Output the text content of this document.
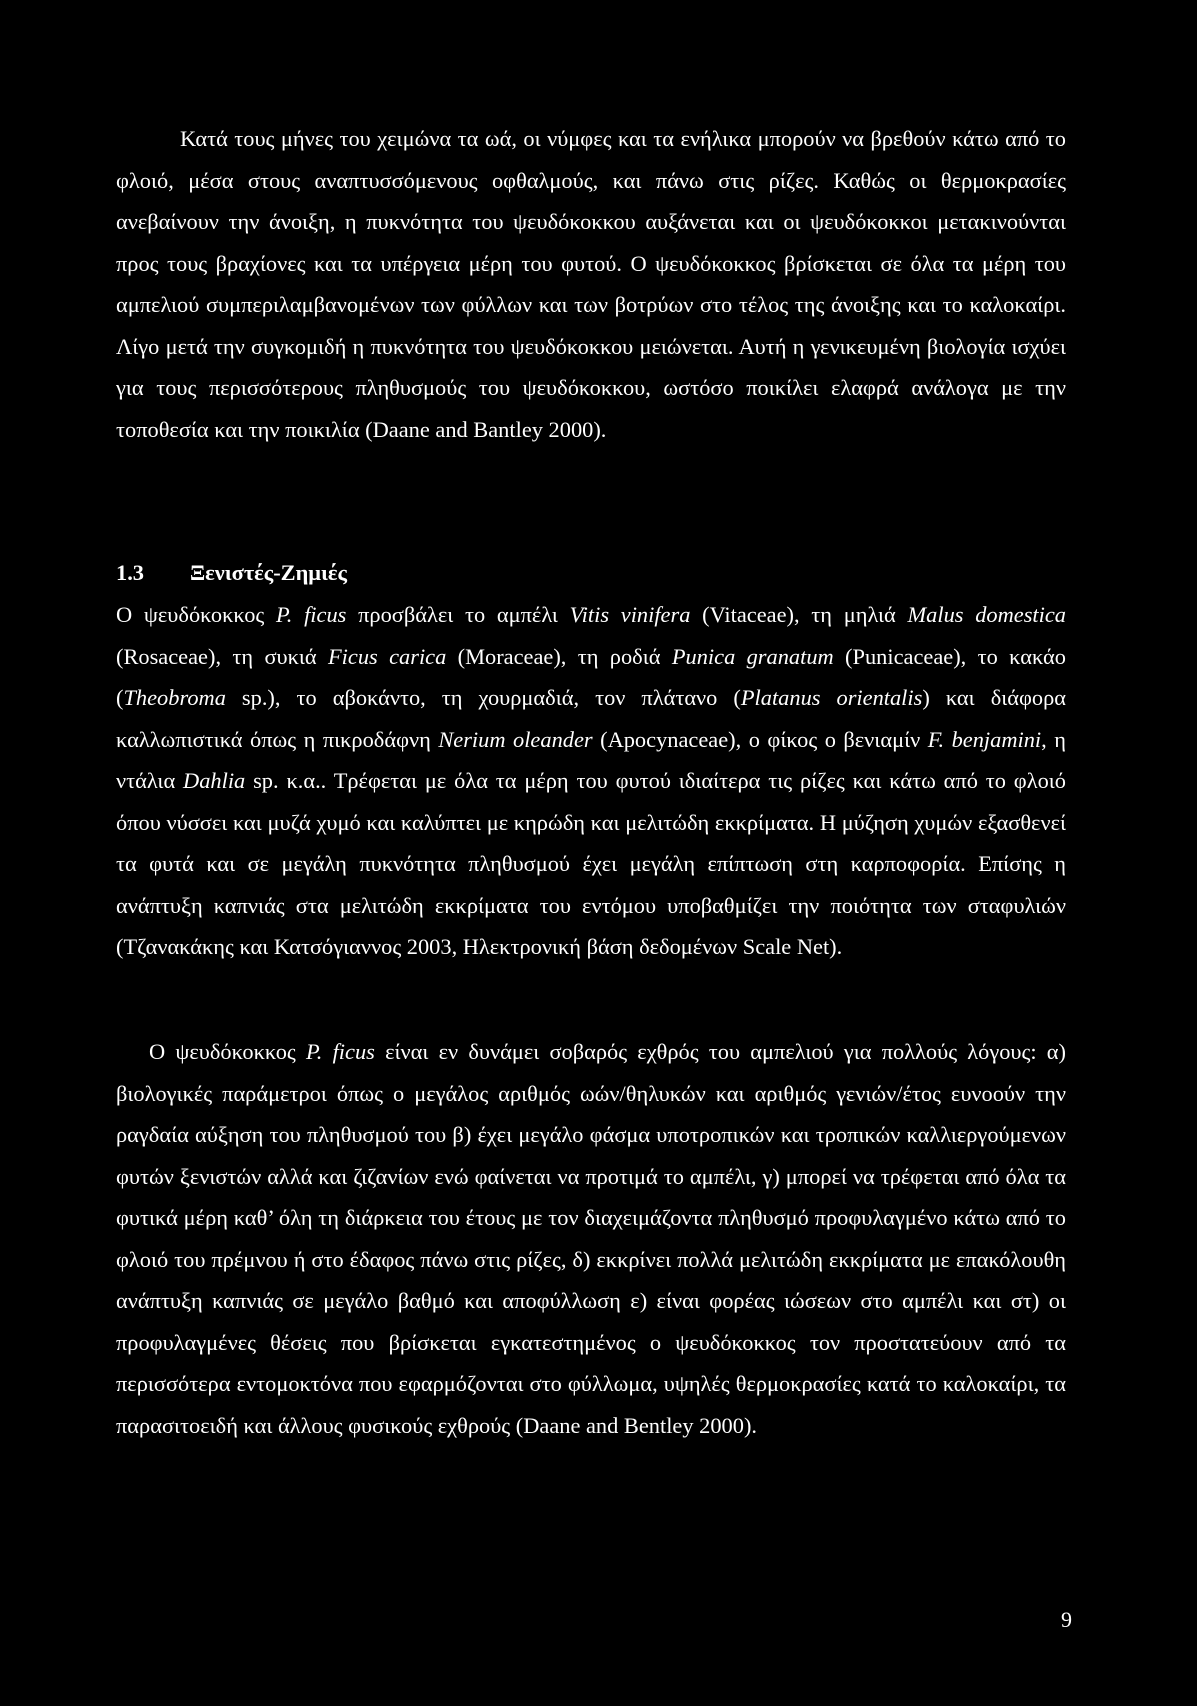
Κατά τους μήνες του χειμώνα τα ωά, οι νύμφες και τα ενήλικα μπορούν να βρεθούν κάτω από το φλοιό, μέσα στους αναπτυσσόμενους οφθαλμούς, και πάνω στις ρίζες. Καθώς οι θερμοκρασίες ανεβαίνουν την άνοιξη, η πυκνότητα του ψευδόκοκκου αυξάνεται και οι ψευδόκοκκοι μετακινούνται προς τους βραχίονες και τα υπέργεια μέρη του φυτού. Ο ψευδόκοκκος βρίσκεται σε όλα τα μέρη του αμπελιού συμπεριλαμβανομένων των φύλλων και των βοτρύων στο τέλος της άνοιξης και το καλοκαίρι. Λίγο μετά την συγκομιδή η πυκνότητα του ψευδόκοκκου μειώνεται. Αυτή η γενικευμένη βιολογία ισχύει για τους περισσότερους πληθυσμούς του ψευδόκοκκου, ωστόσο ποικίλει ελαφρά ανάλογα με την τοποθεσία και την ποικιλία (Daane and Bantley 2000).

1.3 Ξενιστές-Ζημιές

Ο ψευδόκοκκος P. ficus προσβάλει το αμπέλι Vitis vinifera (Vitaceae), τη μηλιά Malus domestica (Rosaceae), τη συκιά Ficus carica (Moraceae), τη ροδιά Punica granatum (Punicaceae), το κακάο (Theobroma sp.), το αβοκάντο, τη χουρμαδιά, τον πλάτανο (Platanus orientalis) και διάφορα καλλωπιστικά όπως η πικροδάφνη Nerium oleander (Apocynaceae), ο φίκος ο βενιαμίν F. benjamini, η ντάλια Dahlia sp. κ.α.. Τρέφεται με όλα τα μέρη του φυτού ιδιαίτερα τις ρίζες και κάτω από το φλοιό όπου νύσσει και μυζά χυμό και καλύπτει με κηρώδη και μελιτώδη εκκρίματα. Η μύζηση χυμών εξασθενεί τα φυτά και σε μεγάλη πυκνότητα πληθυσμού έχει μεγάλη επίπτωση στη καρποφορία. Επίσης η ανάπτυξη καπνιάς στα μελιτώδη εκκρίματα του εντόμου υποβαθμίζει την ποιότητα των σταφυλιών (Τζανακάκης και Κατσόγιαννος 2003, Ηλεκτρονική βάση δεδομένων Scale Net).

Ο ψευδόκοκκος P. ficus είναι εν δυνάμει σοβαρός εχθρός του αμπελιού για πολλούς λόγους: α) βιολογικές παράμετροι όπως ο μεγάλος αριθμός ωών/θηλυκών και αριθμός γενιών/έτος ευνοούν την ραγδαία αύξηση του πληθυσμού του β) έχει μεγάλο φάσμα υποτροπικών και τροπικών καλλιεργούμενων φυτών ξενιστών αλλά και ζιζανίων ενώ φαίνεται να προτιμά το αμπέλι, γ) μπορεί να τρέφεται από όλα τα φυτικά μέρη καθ’ όλη τη διάρκεια του έτους με τον διαχειμάζοντα πληθυσμό προφυλαγμένο κάτω από το φλοιό του πρέμνου ή στο έδαφος πάνω στις ρίζες, δ) εκκρίνει πολλά μελιτώδη εκκρίματα με επακόλουθη ανάπτυξη καπνιάς σε μεγάλο βαθμό και αποφύλλωση ε) είναι φορέας ιώσεων στο αμπέλι και στ) οι προφυλαγμένες θέσεις που βρίσκεται εγκατεστημένος ο ψευδόκοκκος τον προστατεύουν από τα περισσότερα εντομοκτόνα που εφαρμόζονται στο φύλλωμα, υψηλές θερμοκρασίες κατά το καλοκαίρι, τα παρασιτοειδή και άλλους φυσικούς εχθρούς (Daane and Bentley 2000).

9
